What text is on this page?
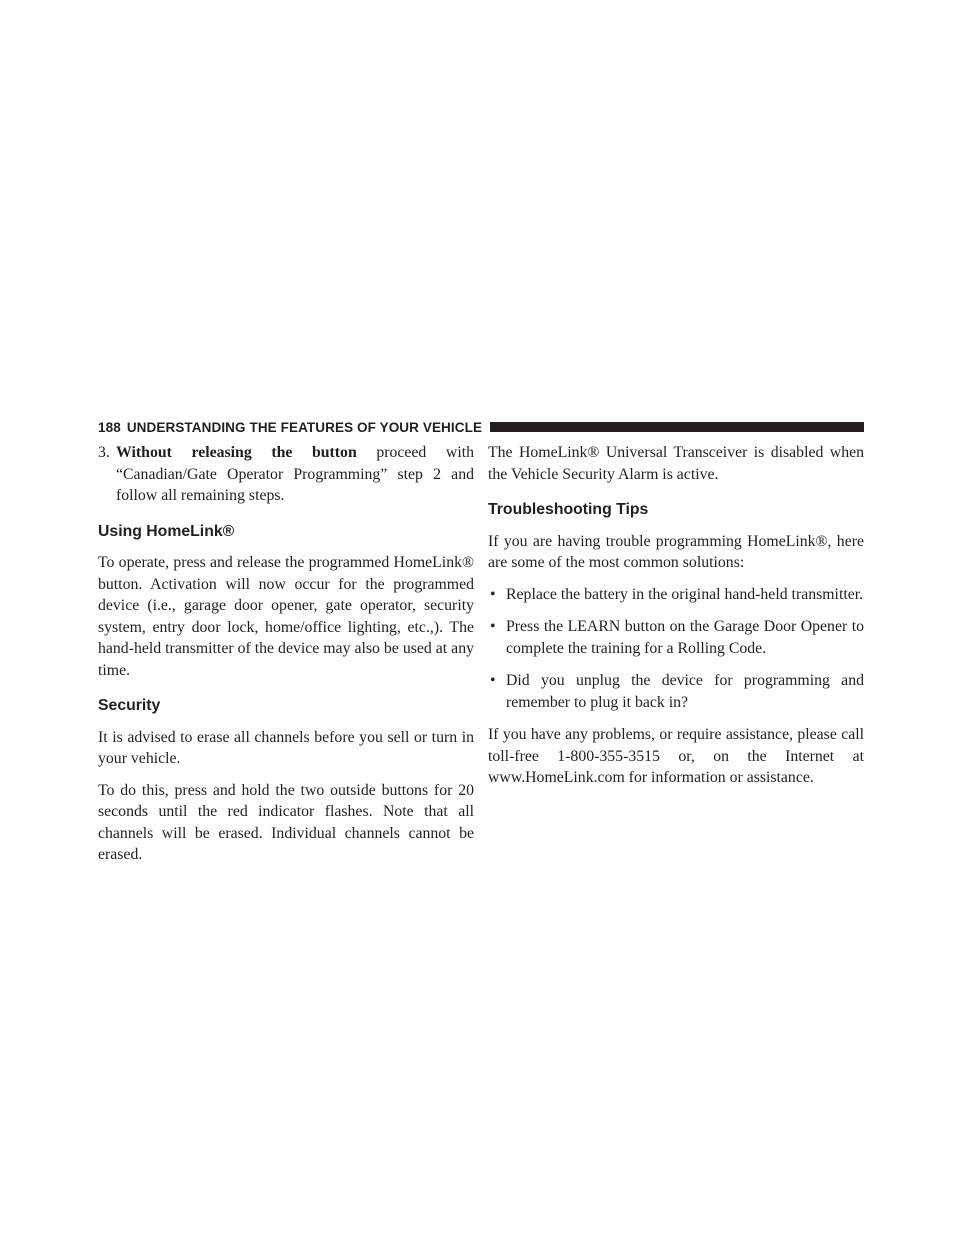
188 UNDERSTANDING THE FEATURES OF YOUR VEHICLE
3. Without releasing the button proceed with “Canadian/Gate Operator Programming” step 2 and follow all remaining steps.
Using HomeLink®

To operate, press and release the programmed HomeLink® button. Activation will now occur for the programmed device (i.e., garage door opener, gate operator, security system, entry door lock, home/office lighting, etc.,). The hand-held transmitter of the device may also be used at any time.

Security

It is advised to erase all channels before you sell or turn in your vehicle.

To do this, press and hold the two outside buttons for 20 seconds until the red indicator flashes. Note that all channels will be erased. Individual channels cannot be erased.

The HomeLink® Universal Transceiver is disabled when the Vehicle Security Alarm is active.

Troubleshooting Tips

If you are having trouble programming HomeLink®, here are some of the most common solutions:

• Replace the battery in the original hand-held transmitter.
• Press the LEARN button on the Garage Door Opener to complete the training for a Rolling Code.
• Did you unplug the device for programming and remember to plug it back in?

If you have any problems, or require assistance, please call toll-free 1-800-355-3515 or, on the Internet at www.HomeLink.com for information or assistance.
